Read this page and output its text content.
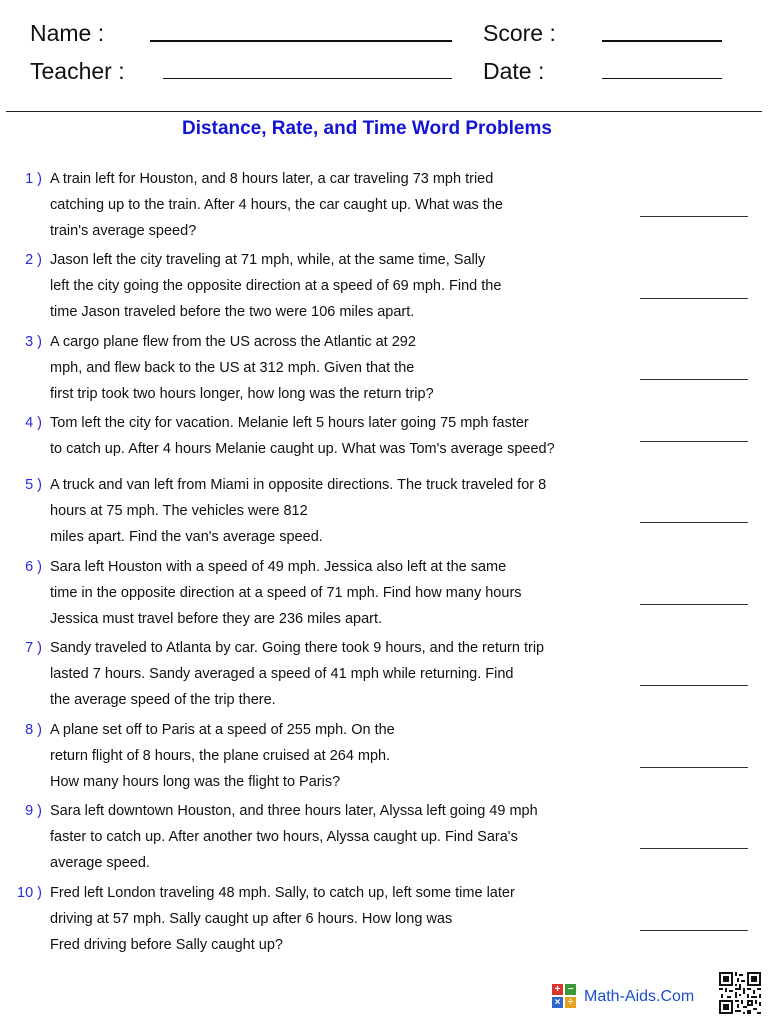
Name :
Teacher :
Score :
Date :
Distance, Rate, and Time Word Problems
1 ) A train left for Houston, and 8 hours later, a car traveling 73 mph tried
catching up to the train. After 4 hours, the car caught up. What was the
train's average speed?
2 ) Jason left the city traveling at 71 mph, while, at the same time, Sally
left the city going the opposite direction at a speed of 69 mph. Find the
time Jason traveled before the two were 106 miles apart.
3 ) A cargo plane flew from the US across the Atlantic at 292
mph, and flew back to the US at 312 mph. Given that the
first trip took two hours longer, how long was the return trip?
4 ) Tom left the city for vacation. Melanie left 5 hours later going 75 mph faster
to catch up. After 4 hours Melanie caught up. What was Tom's average speed?
5 ) A truck and van left from Miami in opposite directions. The truck traveled for 8
hours at 75 mph. The vehicles were 812
miles apart. Find the van's average speed.
6 ) Sara left Houston with a speed of 49 mph. Jessica also left at the same
time in the opposite direction at a speed of 71 mph. Find how many hours
Jessica must travel before they are 236 miles apart.
7 ) Sandy traveled to Atlanta by car. Going there took 9 hours, and the return trip
lasted 7 hours. Sandy averaged a speed of 41 mph while returning. Find
the average speed of the trip there.
8 ) A plane set off to Paris at a speed of 255 mph. On the
return flight of 8 hours, the plane cruised at 264 mph.
How many hours long was the flight to Paris?
9 ) Sara left downtown Houston, and three hours later, Alyssa left going 49 mph
faster to catch up. After another two hours, Alyssa caught up. Find Sara's
average speed.
10 ) Fred left London traveling 48 mph. Sally, to catch up, left some time later
driving at 57 mph. Sally caught up after 6 hours. How long was
Fred driving before Sally caught up?
+ −
× ÷ Math-Aids.Com
